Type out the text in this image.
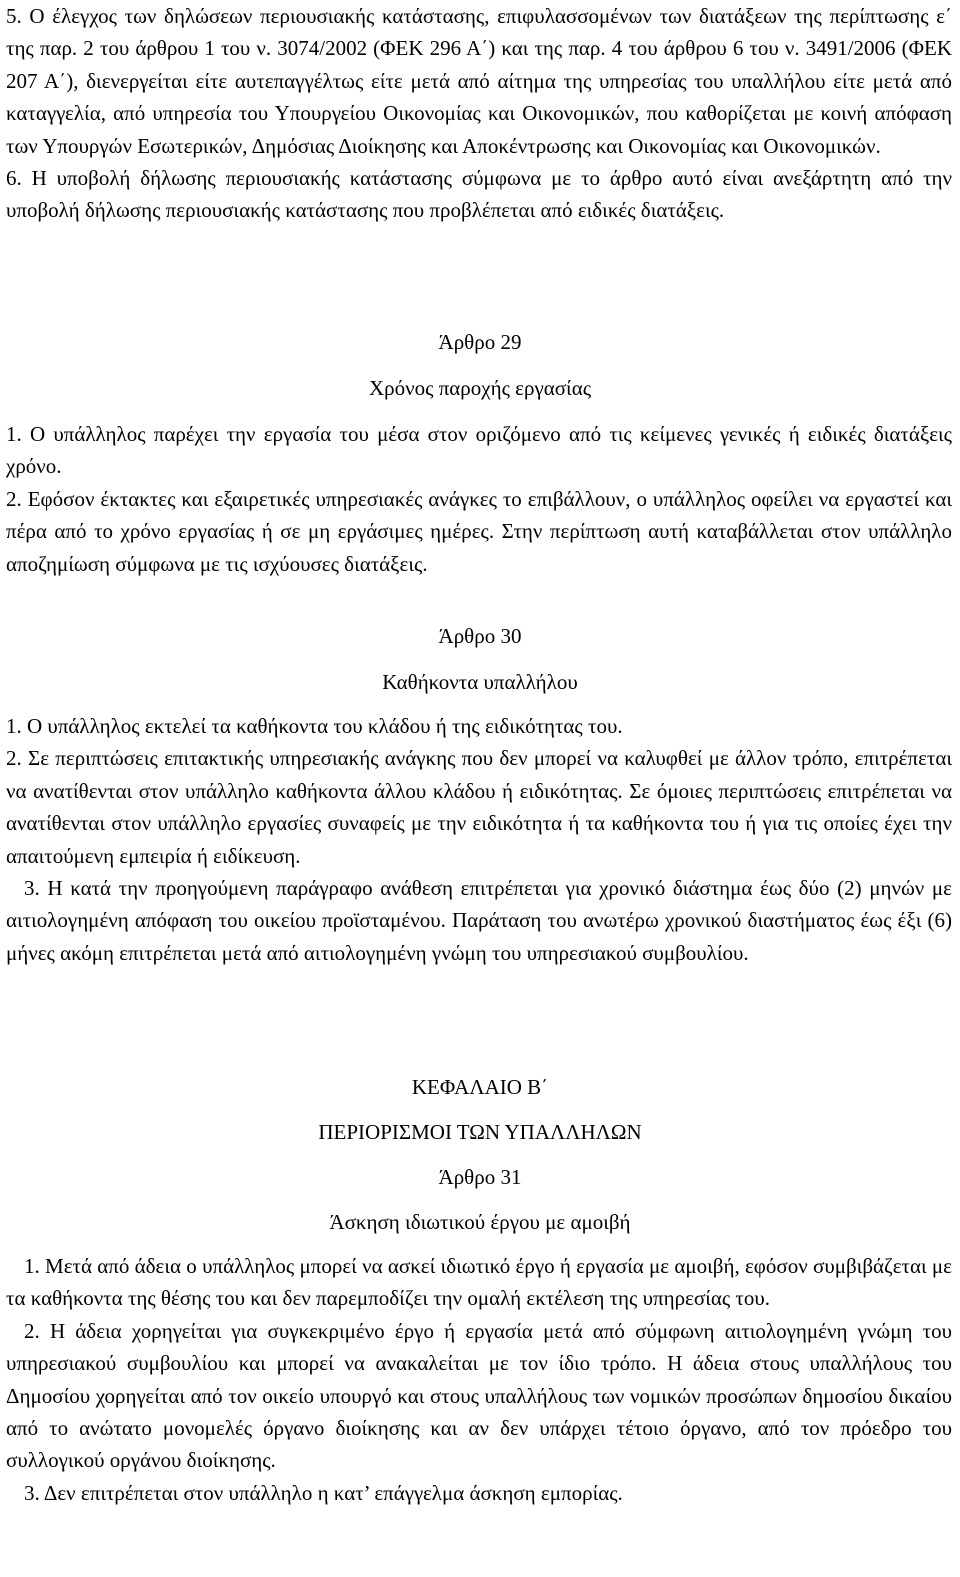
5. Ο έλεγχος των δηλώσεων περιουσιακής κατάστασης, επιφυλασσομένων των διατάξεων της περίπτωσης ε΄ της παρ. 2 του άρθρου 1 του ν. 3074/2002 (ΦΕΚ 296 Α΄) και της παρ. 4 του άρθρου 6 του ν. 3491/2006 (ΦΕΚ 207 Α΄), διενεργείται είτε αυτεπαγγέλτως είτε μετά από αίτημα της υπηρεσίας του υπαλλήλου είτε μετά από καταγγελία, από υπηρεσία του Υπουργείου Οικονομίας και Οικονομικών, που καθορίζεται με κοινή απόφαση των Υπουργών Εσωτερικών, Δημόσιας Διοίκησης και Αποκέντρωσης και Οικονομίας και Οικονομικών.

6. Η υποβολή δήλωσης περιουσιακής κατάστασης σύμφωνα με το άρθρο αυτό είναι ανεξάρτητη από την υποβολή δήλωσης περιουσιακής κατάστασης που προβλέπεται από ειδικές διατάξεις.

Άρθρο 29

Χρόνος παροχής εργασίας

1. Ο υπάλληλος παρέχει την εργασία του μέσα στον οριζόμενο από τις κείμενες γενικές ή ειδικές διατάξεις χρόνο.

2. Εφόσον έκτακτες και εξαιρετικές υπηρεσιακές ανάγκες το επιβάλλουν, ο υπάλληλος οφείλει να εργαστεί και πέρα από το χρόνο εργασίας ή σε μη εργάσιμες ημέρες. Στην περίπτωση αυτή καταβάλλεται στον υπάλληλο αποζημίωση σύμφωνα με τις ισχύουσες διατάξεις.

Άρθρο 30

Καθήκοντα υπαλλήλου

1. Ο υπάλληλος εκτελεί τα καθήκοντα του κλάδου ή της ειδικότητας του.

2. Σε περιπτώσεις επιτακτικής υπηρεσιακής ανάγκης που δεν μπορεί να καλυφθεί με άλλον τρόπο, επιτρέπεται να ανατίθενται στον υπάλληλο καθήκοντα άλλου κλάδου ή ειδικότητας. Σε όμοιες περιπτώσεις επιτρέπεται να ανατίθενται στον υπάλληλο εργασίες συναφείς με την ειδικότητα ή τα καθήκοντα του ή για τις οποίες έχει την απαιτούμενη εμπειρία ή ειδίκευση.

3. Η κατά την προηγούμενη παράγραφο ανάθεση επιτρέπεται για χρονικό διάστημα έως δύο (2) μηνών με αιτιολογημένη απόφαση του οικείου προϊσταμένου. Παράταση του ανωτέρω χρονικού διαστήματος έως έξι (6) μήνες ακόμη επιτρέπεται μετά από αιτιολογημένη γνώμη του υπηρεσιακού συμβουλίου.

ΚΕΦΑΛΑΙΟ Β΄

ΠΕΡΙΟΡΙΣΜΟΙ ΤΩΝ ΥΠΑΛΛΗΛΩΝ

Άρθρο 31

Άσκηση ιδιωτικού έργου με αμοιβή

1. Μετά από άδεια ο υπάλληλος μπορεί να ασκεί ιδιωτικό έργο ή εργασία με αμοιβή, εφόσον συμβιβάζεται με τα καθήκοντα της θέσης του και δεν παρεμποδίζει την ομαλή εκτέλεση της υπηρεσίας του.

2. Η άδεια χορηγείται για συγκεκριμένο έργο ή εργασία μετά από σύμφωνη αιτιολογημένη γνώμη του υπηρεσιακού συμβουλίου και μπορεί να ανακαλείται με τον ίδιο τρόπο. Η άδεια στους υπαλλήλους του Δημοσίου χορηγείται από τον οικείο υπουργό και στους υπαλλήλους των νομικών προσώπων δημοσίου δικαίου από το ανώτατο μονομελές όργανο διοίκησης και αν δεν υπάρχει τέτοιο όργανο, από τον πρόεδρο του συλλογικού οργάνου διοίκησης.

3. Δεν επιτρέπεται στον υπάλληλο η κατ’ επάγγελμα άσκηση εμπορίας.
